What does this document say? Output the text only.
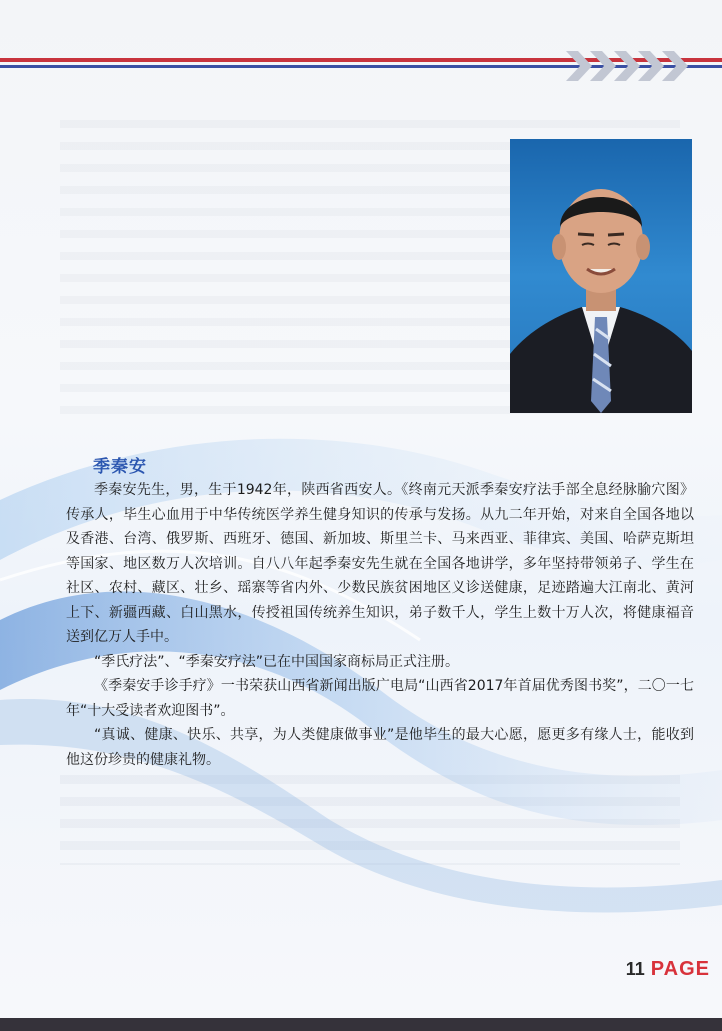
季秦安

季秦安先生，男，生于1942年，陕西省西安人。《终南元天派季秦安疗法手部全息经脉腧穴图》传承人，毕生心血用于中华传统医学养生健身知识的传承与发扬。从九二年开始，对来自全国各地以及香港、台湾、俄罗斯、西班牙、德国、新加坡、斯里兰卡、马来西亚、菲律宾、美国、哈萨克斯坦等国家、地区数万人次培训。自八八年起季秦安先生就在全国各地讲学，多年坚持带领弟子、学生在社区、农村、藏区、壮乡、瑶寨等省内外、少数民族贫困地区义诊送健康，足迹踏遍大江南北、黄河上下、新疆西藏、白山黑水，传授祖国传统养生知识，弟子数千人，学生上数十万人次，将健康福音送到亿万人手中。

“季氏疗法”、“季秦安疗法”已在中国国家商标局正式注册。

《季秦安手诊手疗》一书荣获山西省新闻出版广电局“山西省2017年首届优秀图书奖”，二〇一七年“十大受读者欢迎图书”。

“真诚、健康、快乐、共享，为人类健康做事业”是他毕生的最大心愿，愿更多有缘人士，能收到他这份珍贵的健康礼物。

11 PAGE
